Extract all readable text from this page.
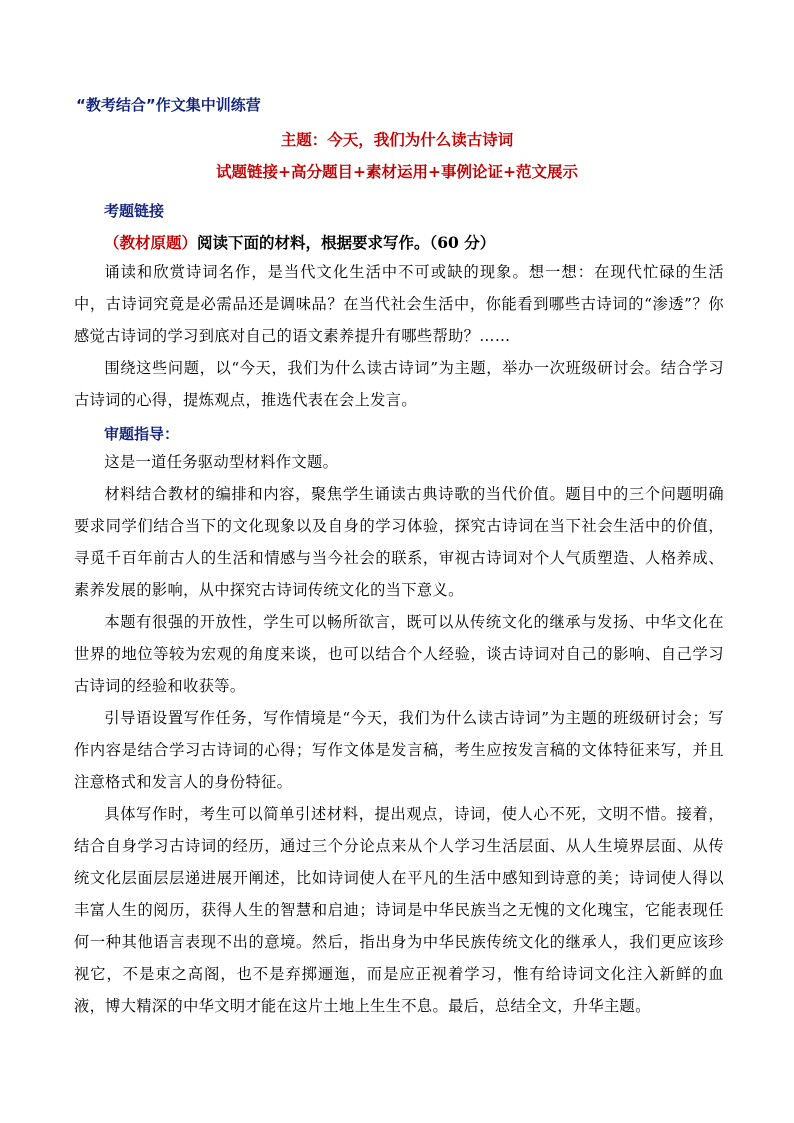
“教考结合”作文集中训练营
主题：今天，我们为什么读古诗词
试题链接+高分题目+素材运用+事例论证+范文展示
考题链接
（教材原题）阅读下面的材料，根据要求写作。（60 分）

诵读和欣赏诗词名作，是当代文化生活中不可或缺的现象。想一想：在现代忙碌的生活中，古诗词究竟是必需品还是调味品？在当代社会生活中，你能看到哪些古诗词的“渗透”？你感觉古诗词的学习到底对自己的语文素养提升有哪些帮助？……

围绕这些问题，以“今天，我们为什么读古诗词”为主题，举办一次班级研讨会。结合学习古诗词的心得，提炼观点，推选代表在会上发言。

审题指导：

这是一道任务驱动型材料作文题。

材料结合教材的编排和内容，聚焦学生诵读古典诗歌的当代价值。题目中的三个问题明确要求同学们结合当下的文化现象以及自身的学习体验，探究古诗词在当下社会生活中的价值，寻觅千百年前古人的生活和情感与当今社会的联系，审视古诗词对个人气质塑造、人格养成、素养发展的影响，从中探究古诗词传统文化的当下意义。

本题有很强的开放性，学生可以畅所欲言，既可以从传统文化的继承与发扬、中华文化在世界的地位等较为宏观的角度来谈，也可以结合个人经验，谈古诗词对自己的影响、自己学习古诗词的经验和收获等。

引导语设置写作任务，写作情境是“今天，我们为什么读古诗词”为主题的班级研讨会；写作内容是结合学习古诗词的心得；写作文体是发言稿，考生应按发言稿的文体特征来写，并且注意格式和发言人的身份特征。

具体写作时，考生可以简单引述材料，提出观点，诗词，使人心不死，文明不惜。接着，结合自身学习古诗词的经历，通过三个分论点来从个人学习生活层面、从人生境界层面、从传统文化层面层层递进展开阐述，比如诗词使人在平凡的生活中感知到诗意的美；诗词使人得以丰富人生的阅历，获得人生的智慧和启迪；诗词是中华民族当之无愧的文化瑰宝，它能表现任何一种其他语言表现不出的意境。然后，指出身为中华民族传统文化的继承人，我们更应该珍视它，不是束之高阁，也不是弃掷逦迤，而是应正视着学习，惟有给诗词文化注入新鲜的血液，博大精深的中华文明才能在这片土地上生生不息。最后，总结全文，升华主题。
